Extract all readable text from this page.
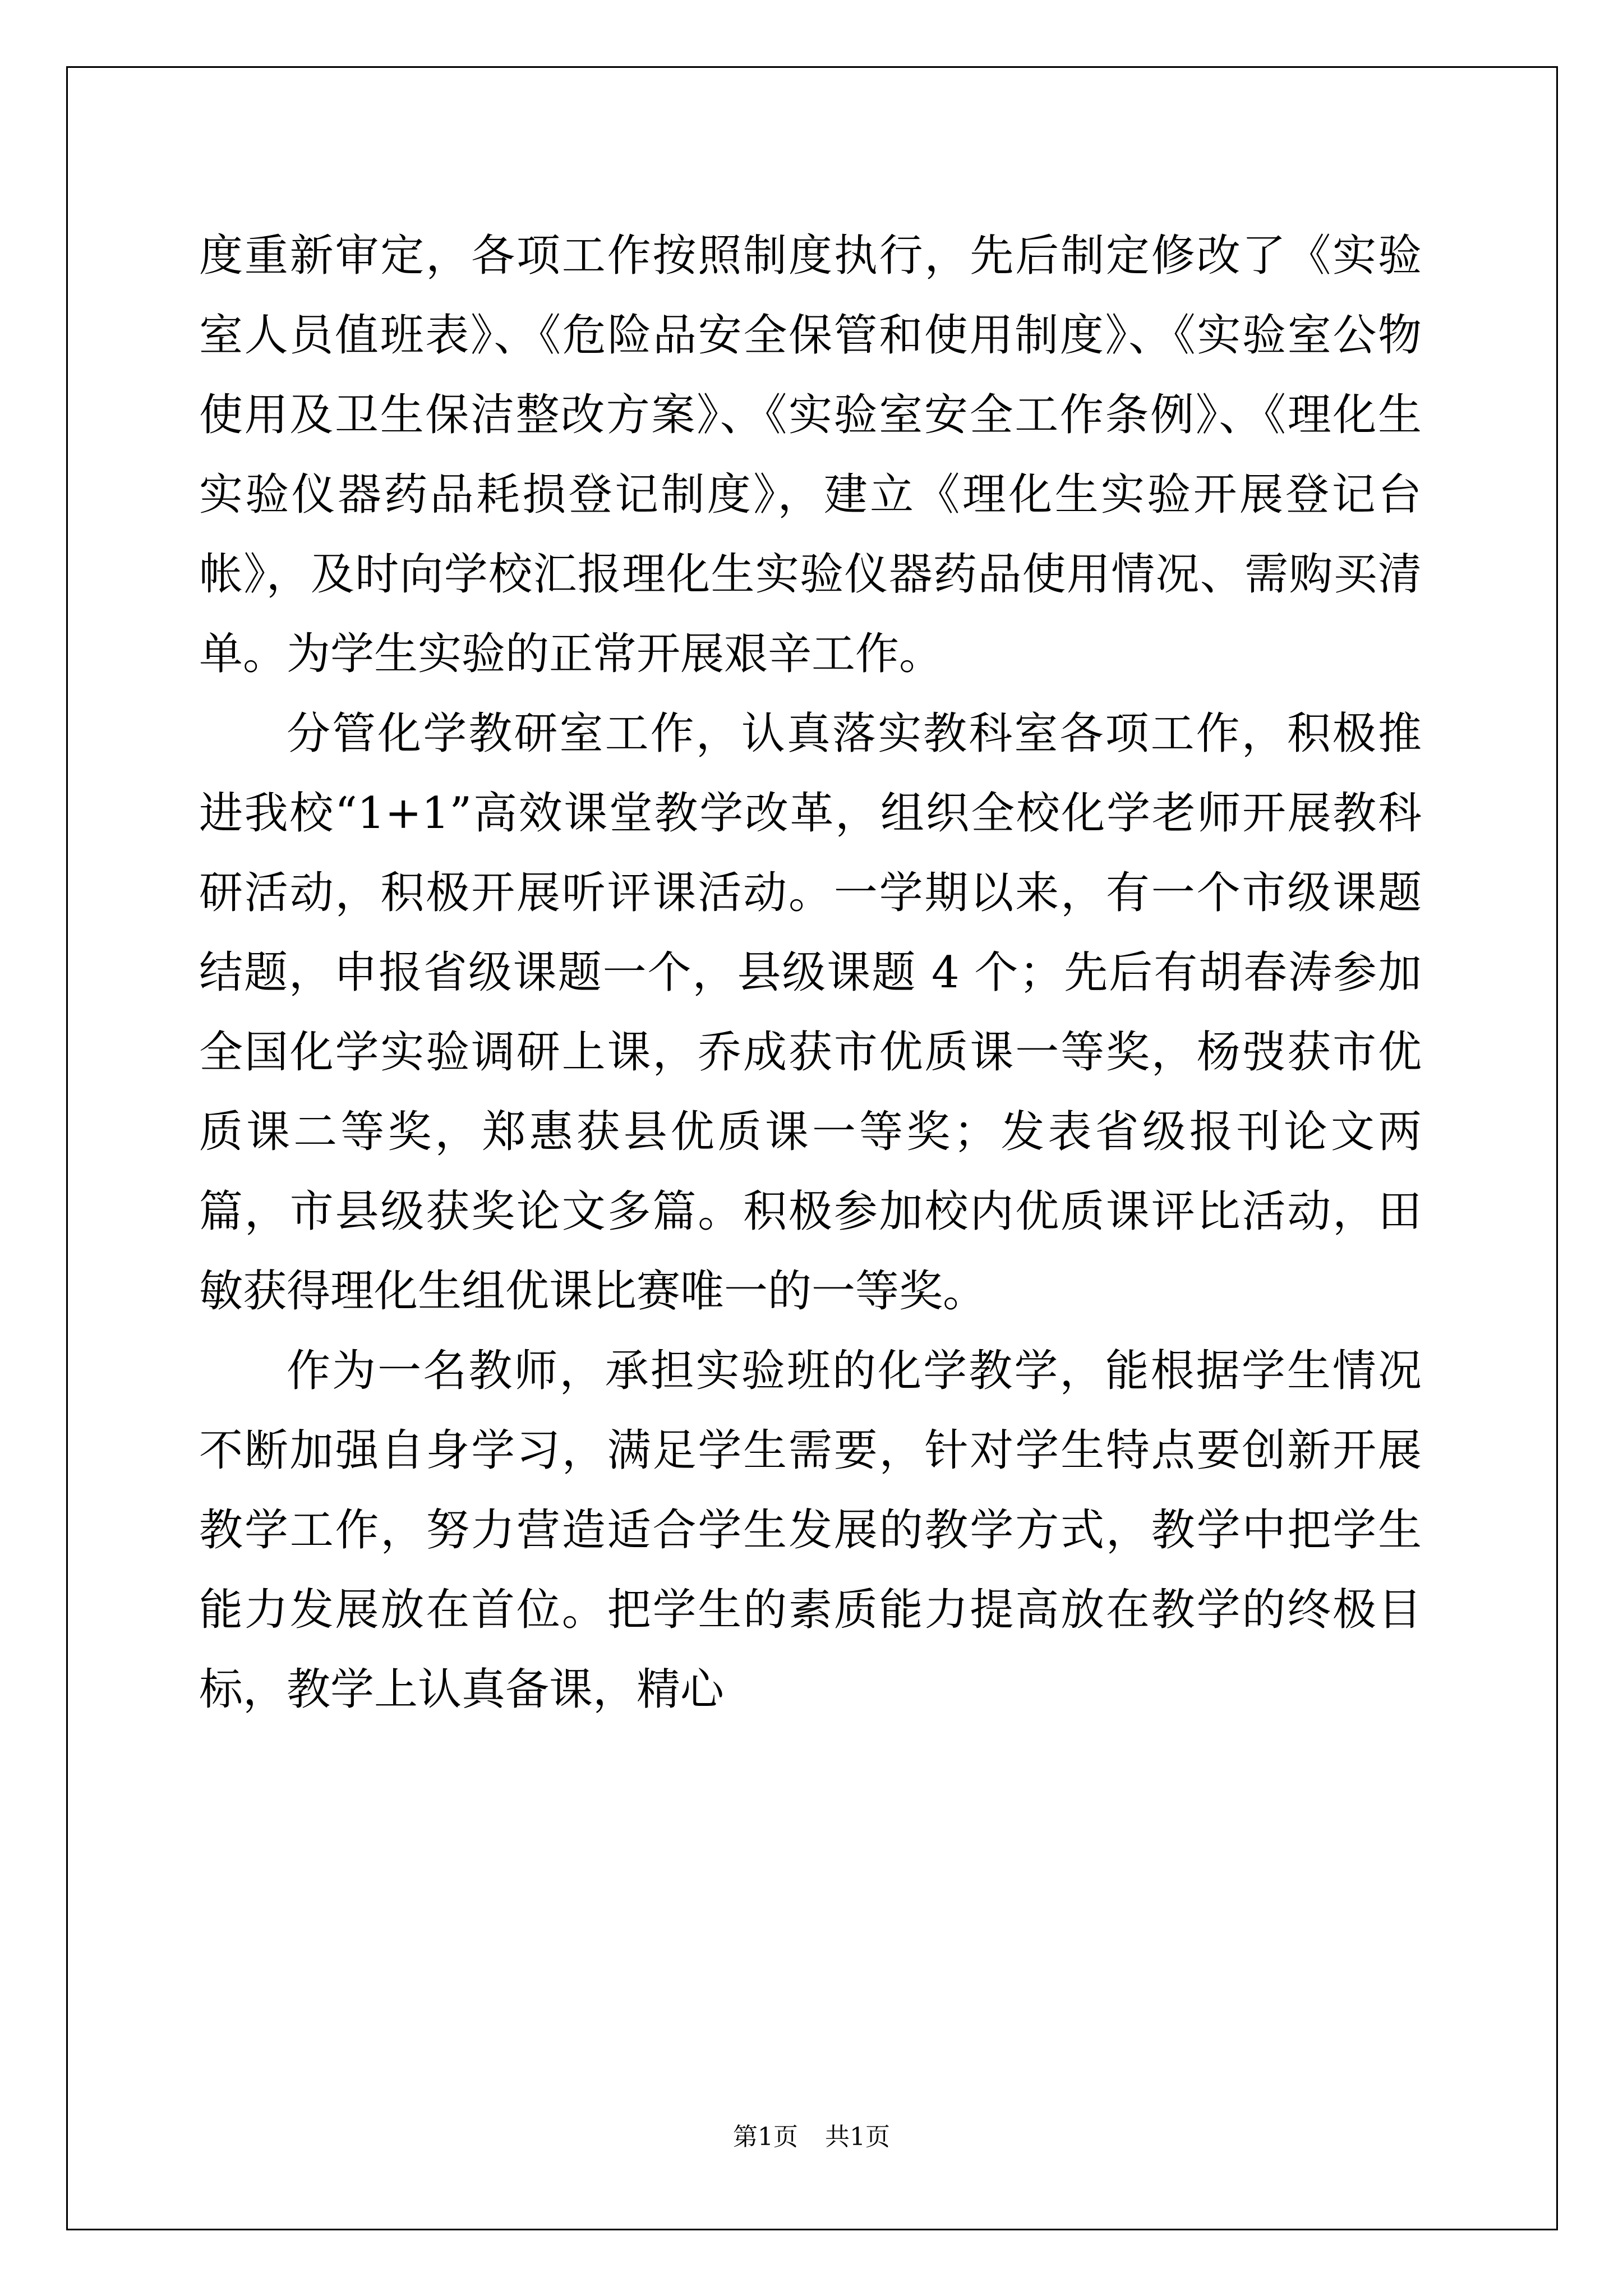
度重新审定，各项工作按照制度执行，先后制定修改了《实验室人员值班表》、《危险品安全保管和使用制度》、《实验室公物使用及卫生保洁整改方案》、《实验室安全工作条例》、《理化生实验仪器药品耗损登记制度》，建立《理化生实验开展登记台帐》，及时向学校汇报理化生实验仪器药品使用情况、需购买清单。为学生实验的正常开展艰辛工作。

分管化学教研室工作，认真落实教科室各项工作，积极推进我校“1+1”高效课堂教学改革，组织全校化学老师开展教科研活动，积极开展听评课活动。一学期以来，有一个市级课题结题，申报省级课题一个，县级课题 4 个；先后有胡春涛参加全国化学实验调研上课，乔成获市优质课一等奖，杨弢获市优质课二等奖，郑惠获县优质课一等奖；发表省级报刊论文两篇，市县级获奖论文多篇。积极参加校内优质课评比活动，田敏获得理化生组优课比赛唯一的一等奖。

作为一名教师，承担实验班的化学教学，能根据学生情况不断加强自身学习，满足学生需要，针对学生特点要创新开展教学工作，努力营造适合学生发展的教学方式，教学中把学生能力发展放在首位。把学生的素质能力提高放在教学的终极目标，教学上认真备课，精心

第1页 共1页
